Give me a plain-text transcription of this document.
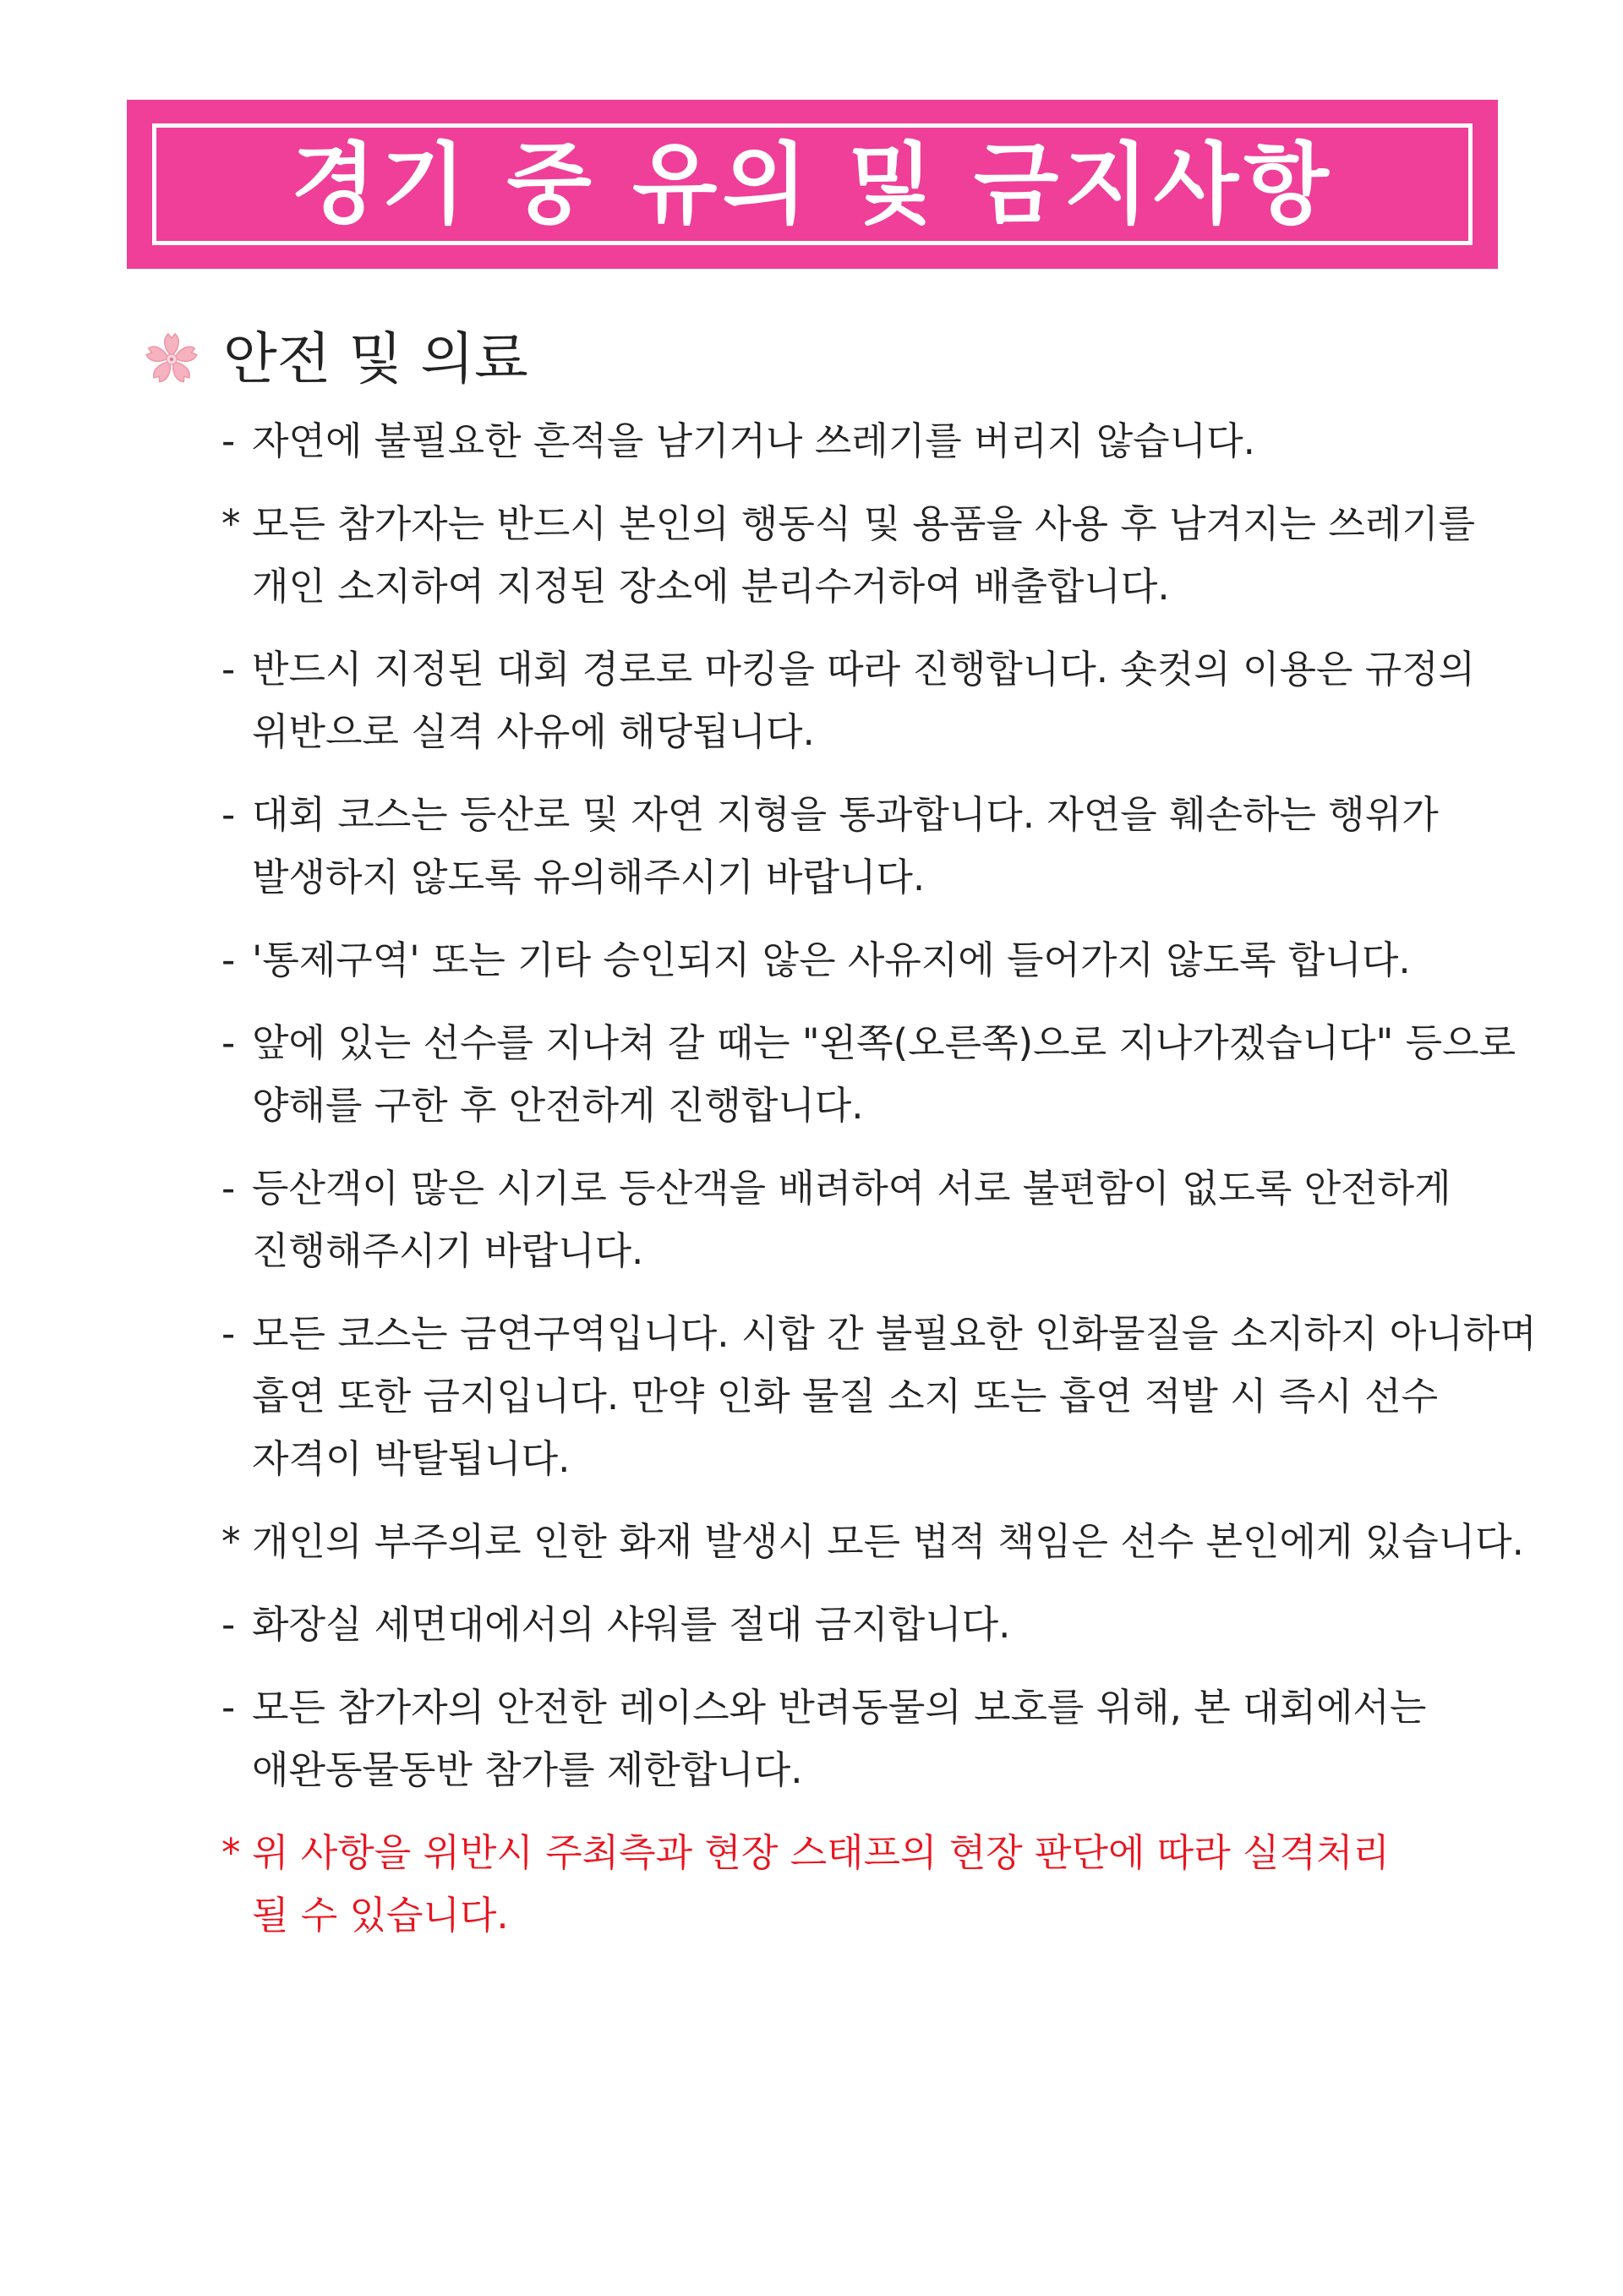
경기 중 유의 및 금지사항
안전 및 의료
- 자연에 불필요한 흔적을 남기거나 쓰레기를 버리지 않습니다.
* 모든 참가자는 반드시 본인의 행동식 및 용품을 사용 후 남겨지는 쓰레기를
개인 소지하여 지정된 장소에 분리수거하여 배출합니다.
- 반드시 지정된 대회 경로로 마킹을 따라 진행합니다. 숏컷의 이용은 규정의
위반으로 실격 사유에 해당됩니다.
- 대회 코스는 등산로 및 자연 지형을 통과합니다. 자연을 훼손하는 행위가
발생하지 않도록 유의해주시기 바랍니다.
- '통제구역' 또는 기타 승인되지 않은 사유지에 들어가지 않도록 합니다.
- 앞에 있는 선수를 지나쳐 갈 때는 "왼쪽(오른쪽)으로 지나가겠습니다" 등으로
양해를 구한 후 안전하게 진행합니다.
- 등산객이 많은 시기로 등산객을 배려하여 서로 불편함이 없도록 안전하게
진행해주시기 바랍니다.
- 모든 코스는 금연구역입니다. 시합 간 불필요한 인화물질을 소지하지 아니하며
흡연 또한 금지입니다. 만약 인화 물질 소지 또는 흡연 적발 시 즉시 선수
자격이 박탈됩니다.
* 개인의 부주의로 인한 화재 발생시 모든 법적 책임은 선수 본인에게 있습니다.
- 화장실 세면대에서의 샤워를 절대 금지합니다.
- 모든 참가자의 안전한 레이스와 반려동물의 보호를 위해, 본 대회에서는
애완동물동반 참가를 제한합니다.
* 위 사항을 위반시 주최측과 현장 스태프의 현장 판단에 따라 실격처리
될 수 있습니다.
